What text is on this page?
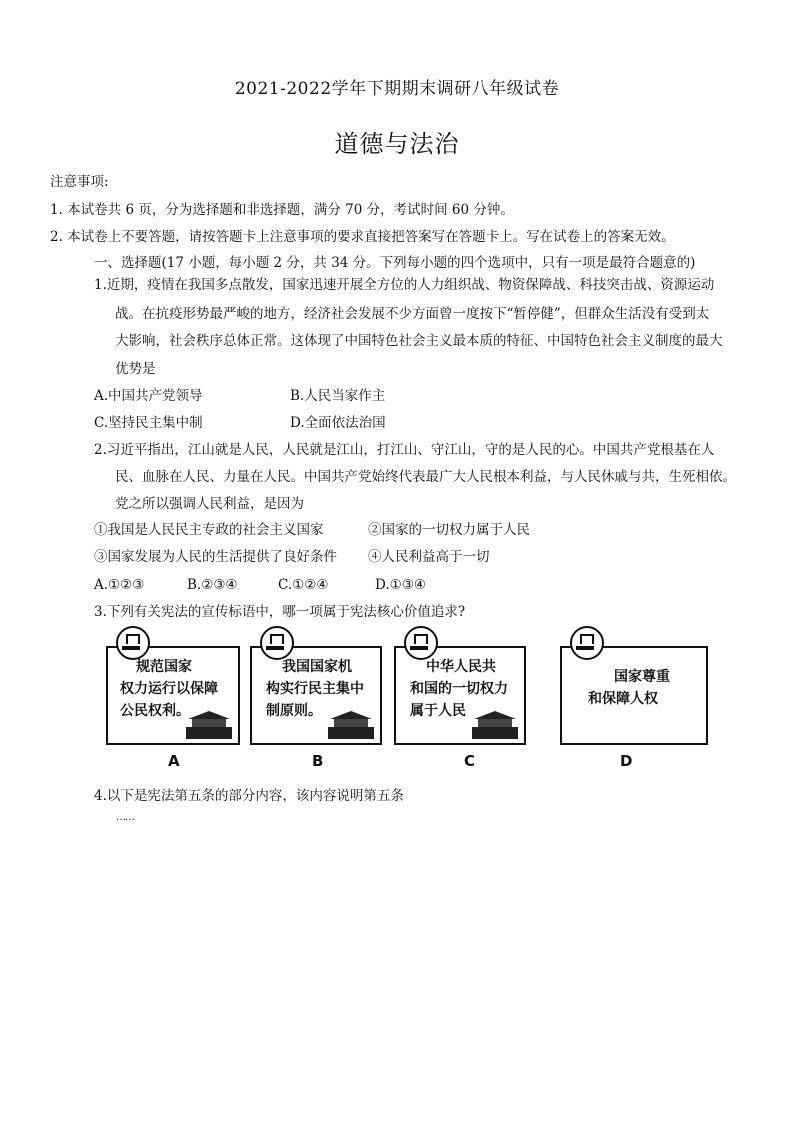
2021-2022学年下期期末调研八年级试卷
道德与法治
注意事项:
1. 本试卷共 6 页，分为选择题和非选择题，满分 70 分，考试时间 60 分钟。
2. 本试卷上不要答题，请按答题卡上注意事项的要求直接把答案写在答题卡上。写在试卷上的答案无效。
一、选择题(17 小题，每小题 2 分，共 34 分。下列每小题的四个选项中，只有一项是最符合题意的)
1.近期，疫情在我国多点散发，国家迅速开展全方位的人力组织战、物资保障战、科技突击战、资源运动
战。在抗疫形势最严峻的地方，经济社会发展不少方面曾一度按下“暂停健”，但群众生活没有受到太
大影响，社会秩序总体正常。这体现了中国特色社会主义最本质的特征、中国特色社会主义制度的最大
优势是
A.中国共产党领导	B.人民当家作主
C.坚持民主集中制	D.全面依法治国
2.习近平指出，江山就是人民，人民就是江山，打江山、守江山，守的是人民的心。中国共产党根基在人
民、血脉在人民、力量在人民。中国共产党始终代表最广大人民根本利益，与人民休戚与共，生死相依。
党之所以强调人民利益，是因为
①我国是人民民主专政的社会主义国家	②国家的一切权力属于人民
③国家发展为人民的生活提供了良好条件 ④人民利益高于一切
A.①②③	B.②③④	C.①②④	D.①③④
3.下列有关宪法的宣传标语中，哪一项属于宪法核心价值追求?
规范国家
权力运行以保障
公民权利。
A
我国国家机
构实行民主集中
制原则。
B
中华人民共
和国的一切权力
属于人民
C
国家尊重
和保障人权
D
4.以下是宪法第五条的部分内容，该内容说明第五条
……
